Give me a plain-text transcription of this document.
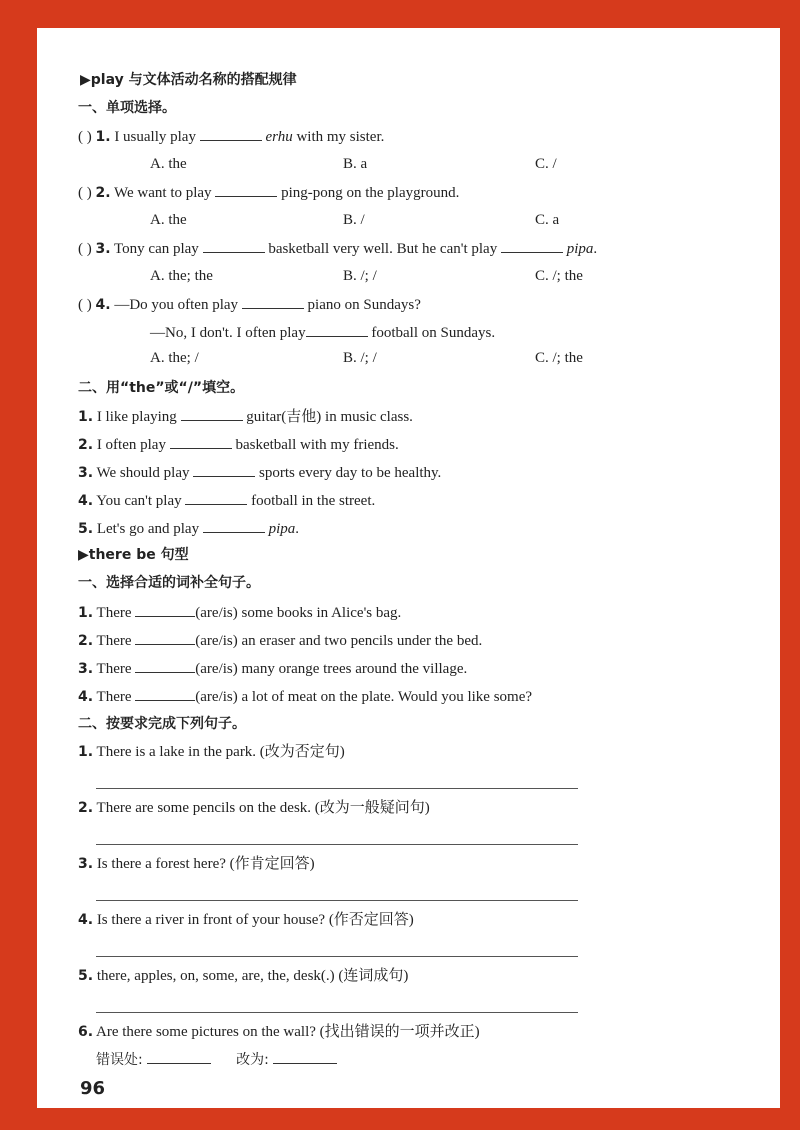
▶play 与文体活动名称的搭配规律
一、单项选择。
( ) 1. I usually play	erhu with my sister.
A. the	B. a	C. /
( ) 2. We want to play	ping-pong on the playground.
A. the	B. /	C. a
( ) 3. Tony can play	basketball very well. But he can't play	pipa.
A. the; the	B. /; /	C. /; the
( ) 4. —Do you often play	piano on Sundays?
—No, I don't. I often play	football on Sundays.
A. the; /	B. /; /	C. /; the
二、用“the”或“/”填空。
1. I like playing	guitar(吉他) in music class.
2. I often play	basketball with my friends.
3. We should play	sports every day to be healthy.
4. You can't play	football in the street.
5. Let's go and play	pipa.
▶there be 句型
一、选择合适的词补全句子。
1. There	(are/is) some books in Alice's bag.
2. There	(are/is) an eraser and two pencils under the bed.
3. There	(are/is) many orange trees around the village.
4. There	(are/is) a lot of meat on the plate. Would you like some?
二、按要求完成下列句子。
1. There is a lake in the park. (改为否定句)
2. There are some pencils on the desk. (改为一般疑问句)
3. Is there a forest here? (作肯定回答)
4. Is there a river in front of your house? (作否定回答)
5. there, apples, on, some, are, the, desk(.) (连词成句)
6. Are there some pictures on the wall? (找出错误的一项并改正)
错误处:	改为:
96
